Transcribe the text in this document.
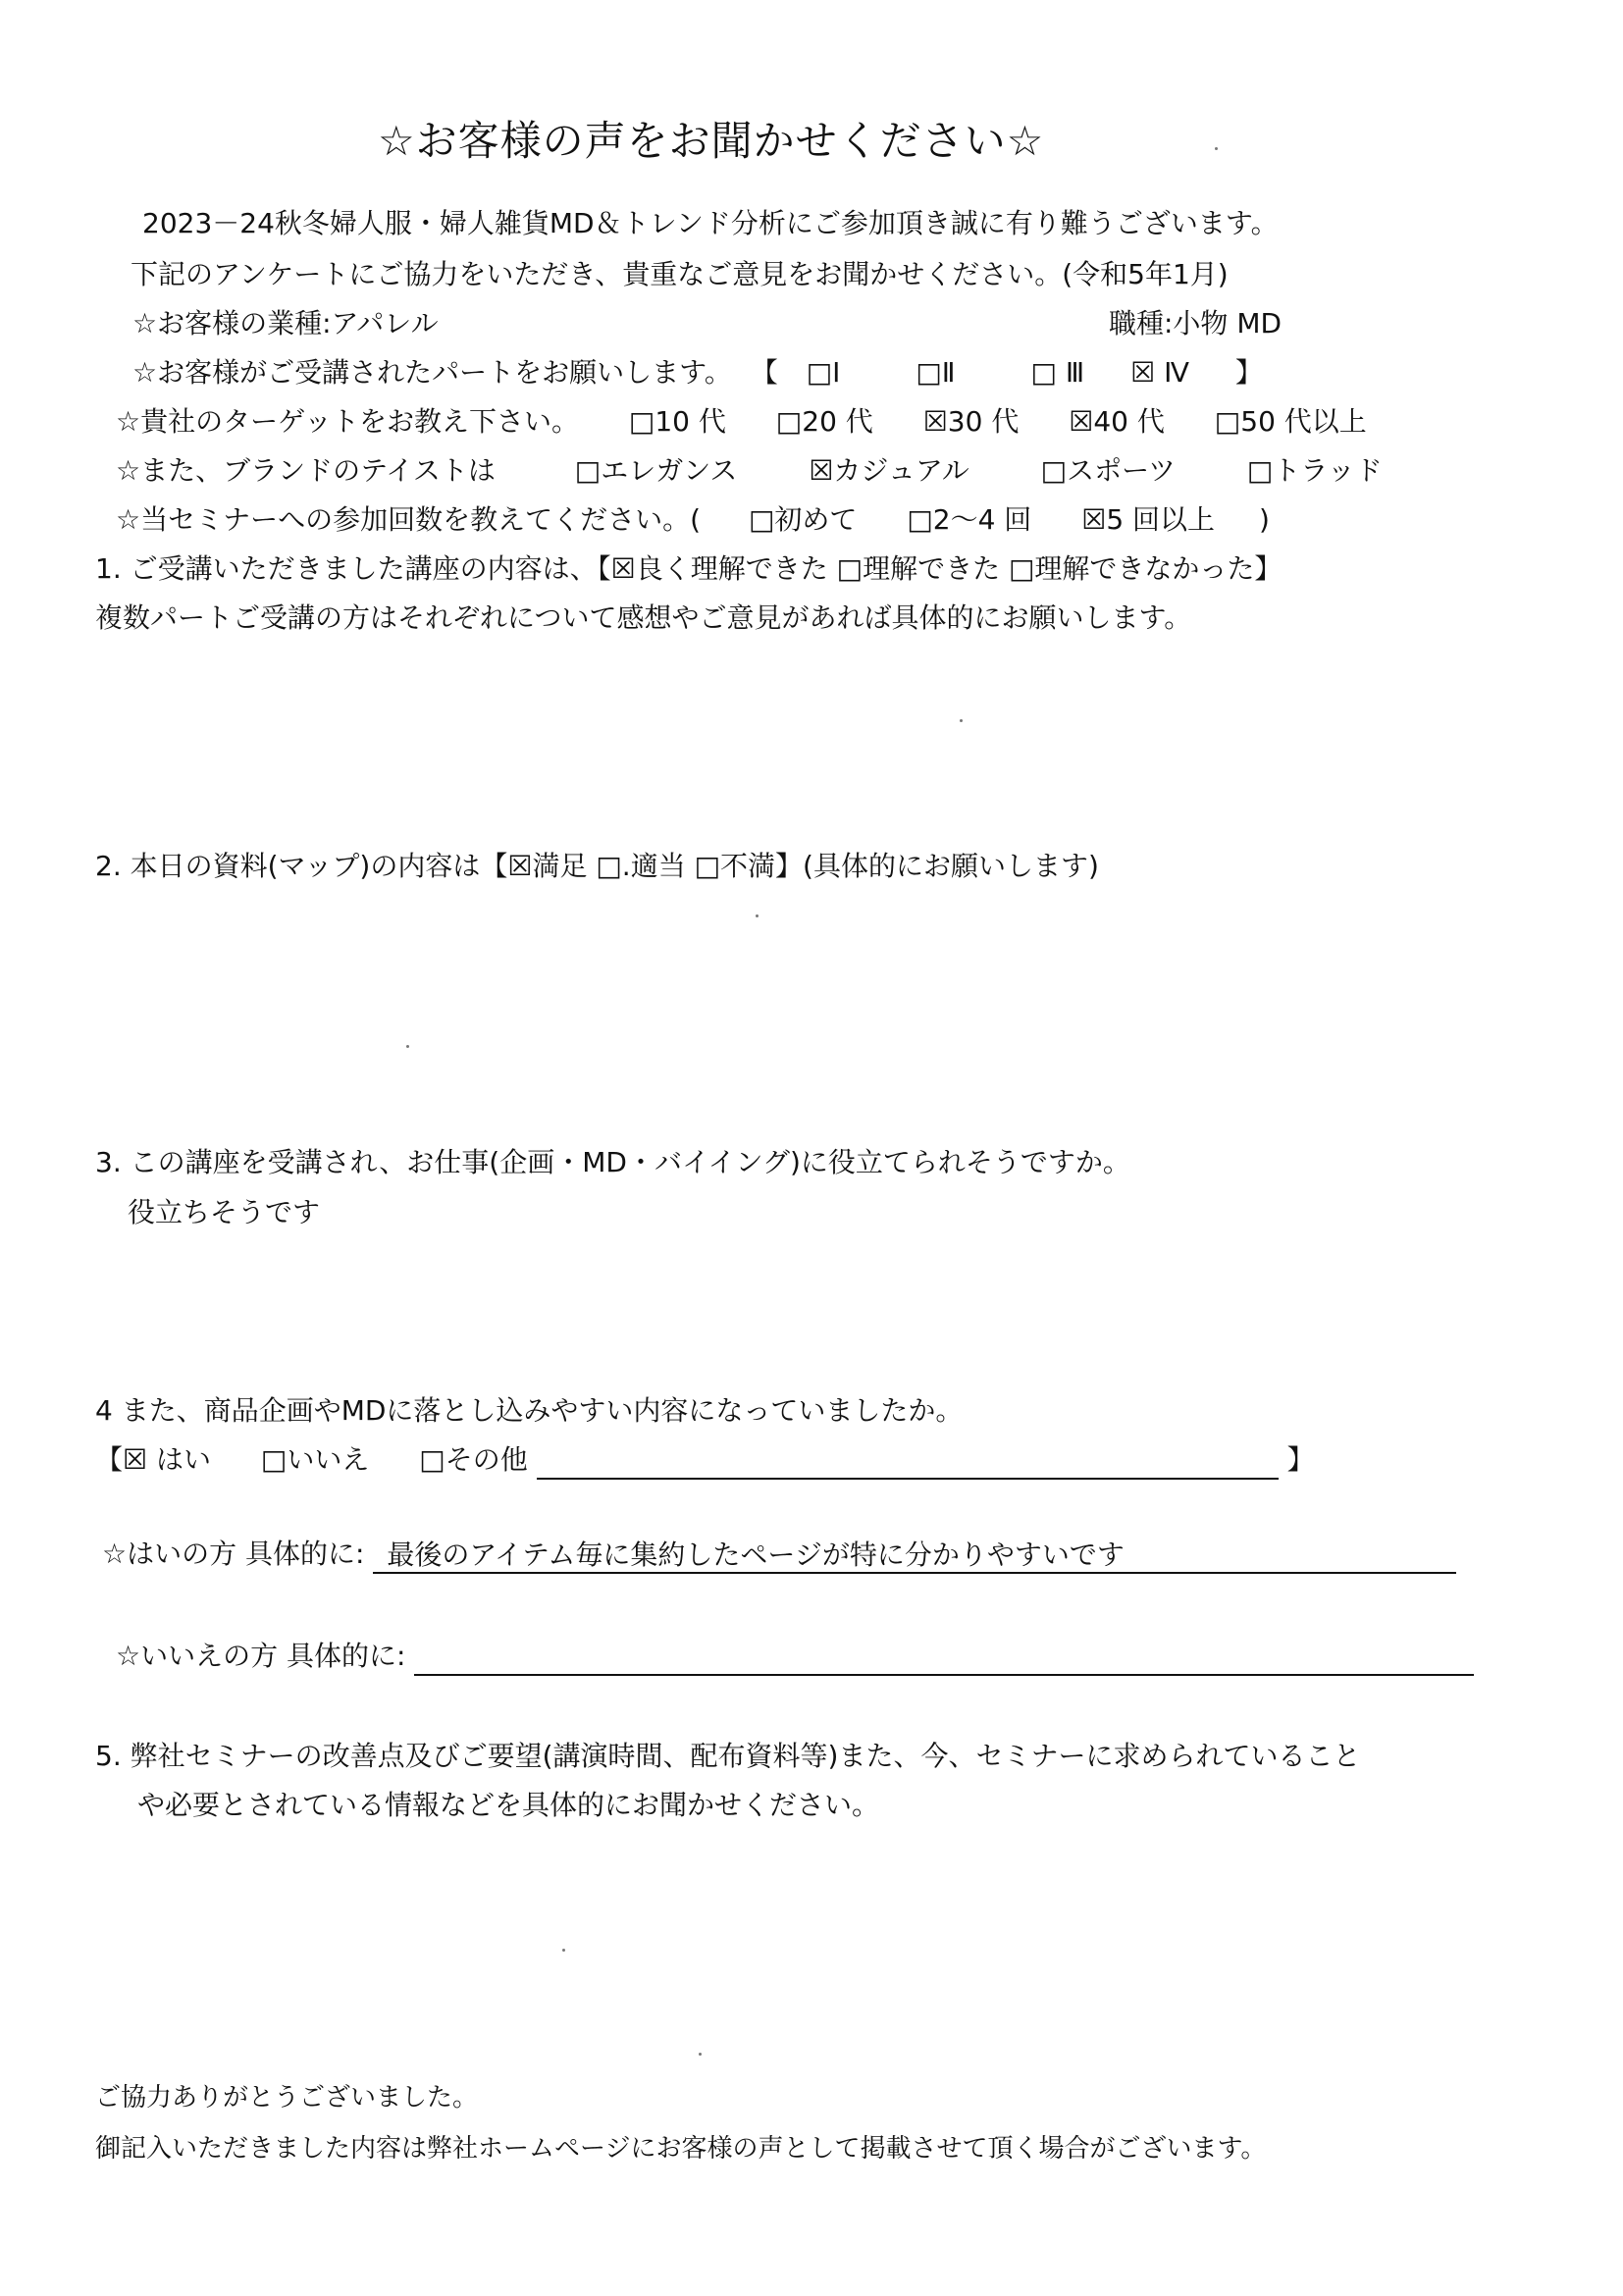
☆お客様の声をお聞かせください☆
2023－24秋冬婦人服・婦人雑貨MD＆トレンド分析にご参加頂き誠に有り難うございます。
下記のアンケートにご協力をいただき、貴重なご意見をお聞かせください。(令和5年1月)
☆お客様の業種:アパレル	職種:小物 MD
☆お客様がご受講されたパートをお願いします。 【 □Ⅰ	□Ⅱ	□ Ⅲ ☒ Ⅳ 】
☆貴社のターゲットをお教え下さい。 □10 代 □20 代 ☒30 代 ☒40 代 □50 代以上
☆また、ブランドのテイストは	□エレガンス	☒カジュアル	□スポーツ	□トラッド
☆当セミナーへの参加回数を教えてください。( □初めて □2～4 回 ☒5 回以上 )
1. ご受講いただきました講座の内容は、【☒良く理解できた □理解できた □理解できなかった】
複数パートご受講の方はそれぞれについて感想やご意見があれば具体的にお願いします。
2. 本日の資料(マップ)の内容は【☒満足 □.適当 □不満】(具体的にお願いします)
3. この講座を受講され、お仕事(企画・MD・バイイング)に役立てられそうですか。
役立ちそうです
4 また、商品企画やMDに落とし込みやすい内容になっていましたか。
【☒ はい □いいえ □その他	】
☆はいの方 具体的に: 最後のアイテム毎に集約したページが特に分かりやすいです
☆いいえの方 具体的に:
5. 弊社セミナーの改善点及びご要望(講演時間、配布資料等)また、今、セミナーに求められていること
や必要とされている情報などを具体的にお聞かせください。
ご協力ありがとうございました。
御記入いただきました内容は弊社ホームページにお客様の声として掲載させて頂く場合がございます。
